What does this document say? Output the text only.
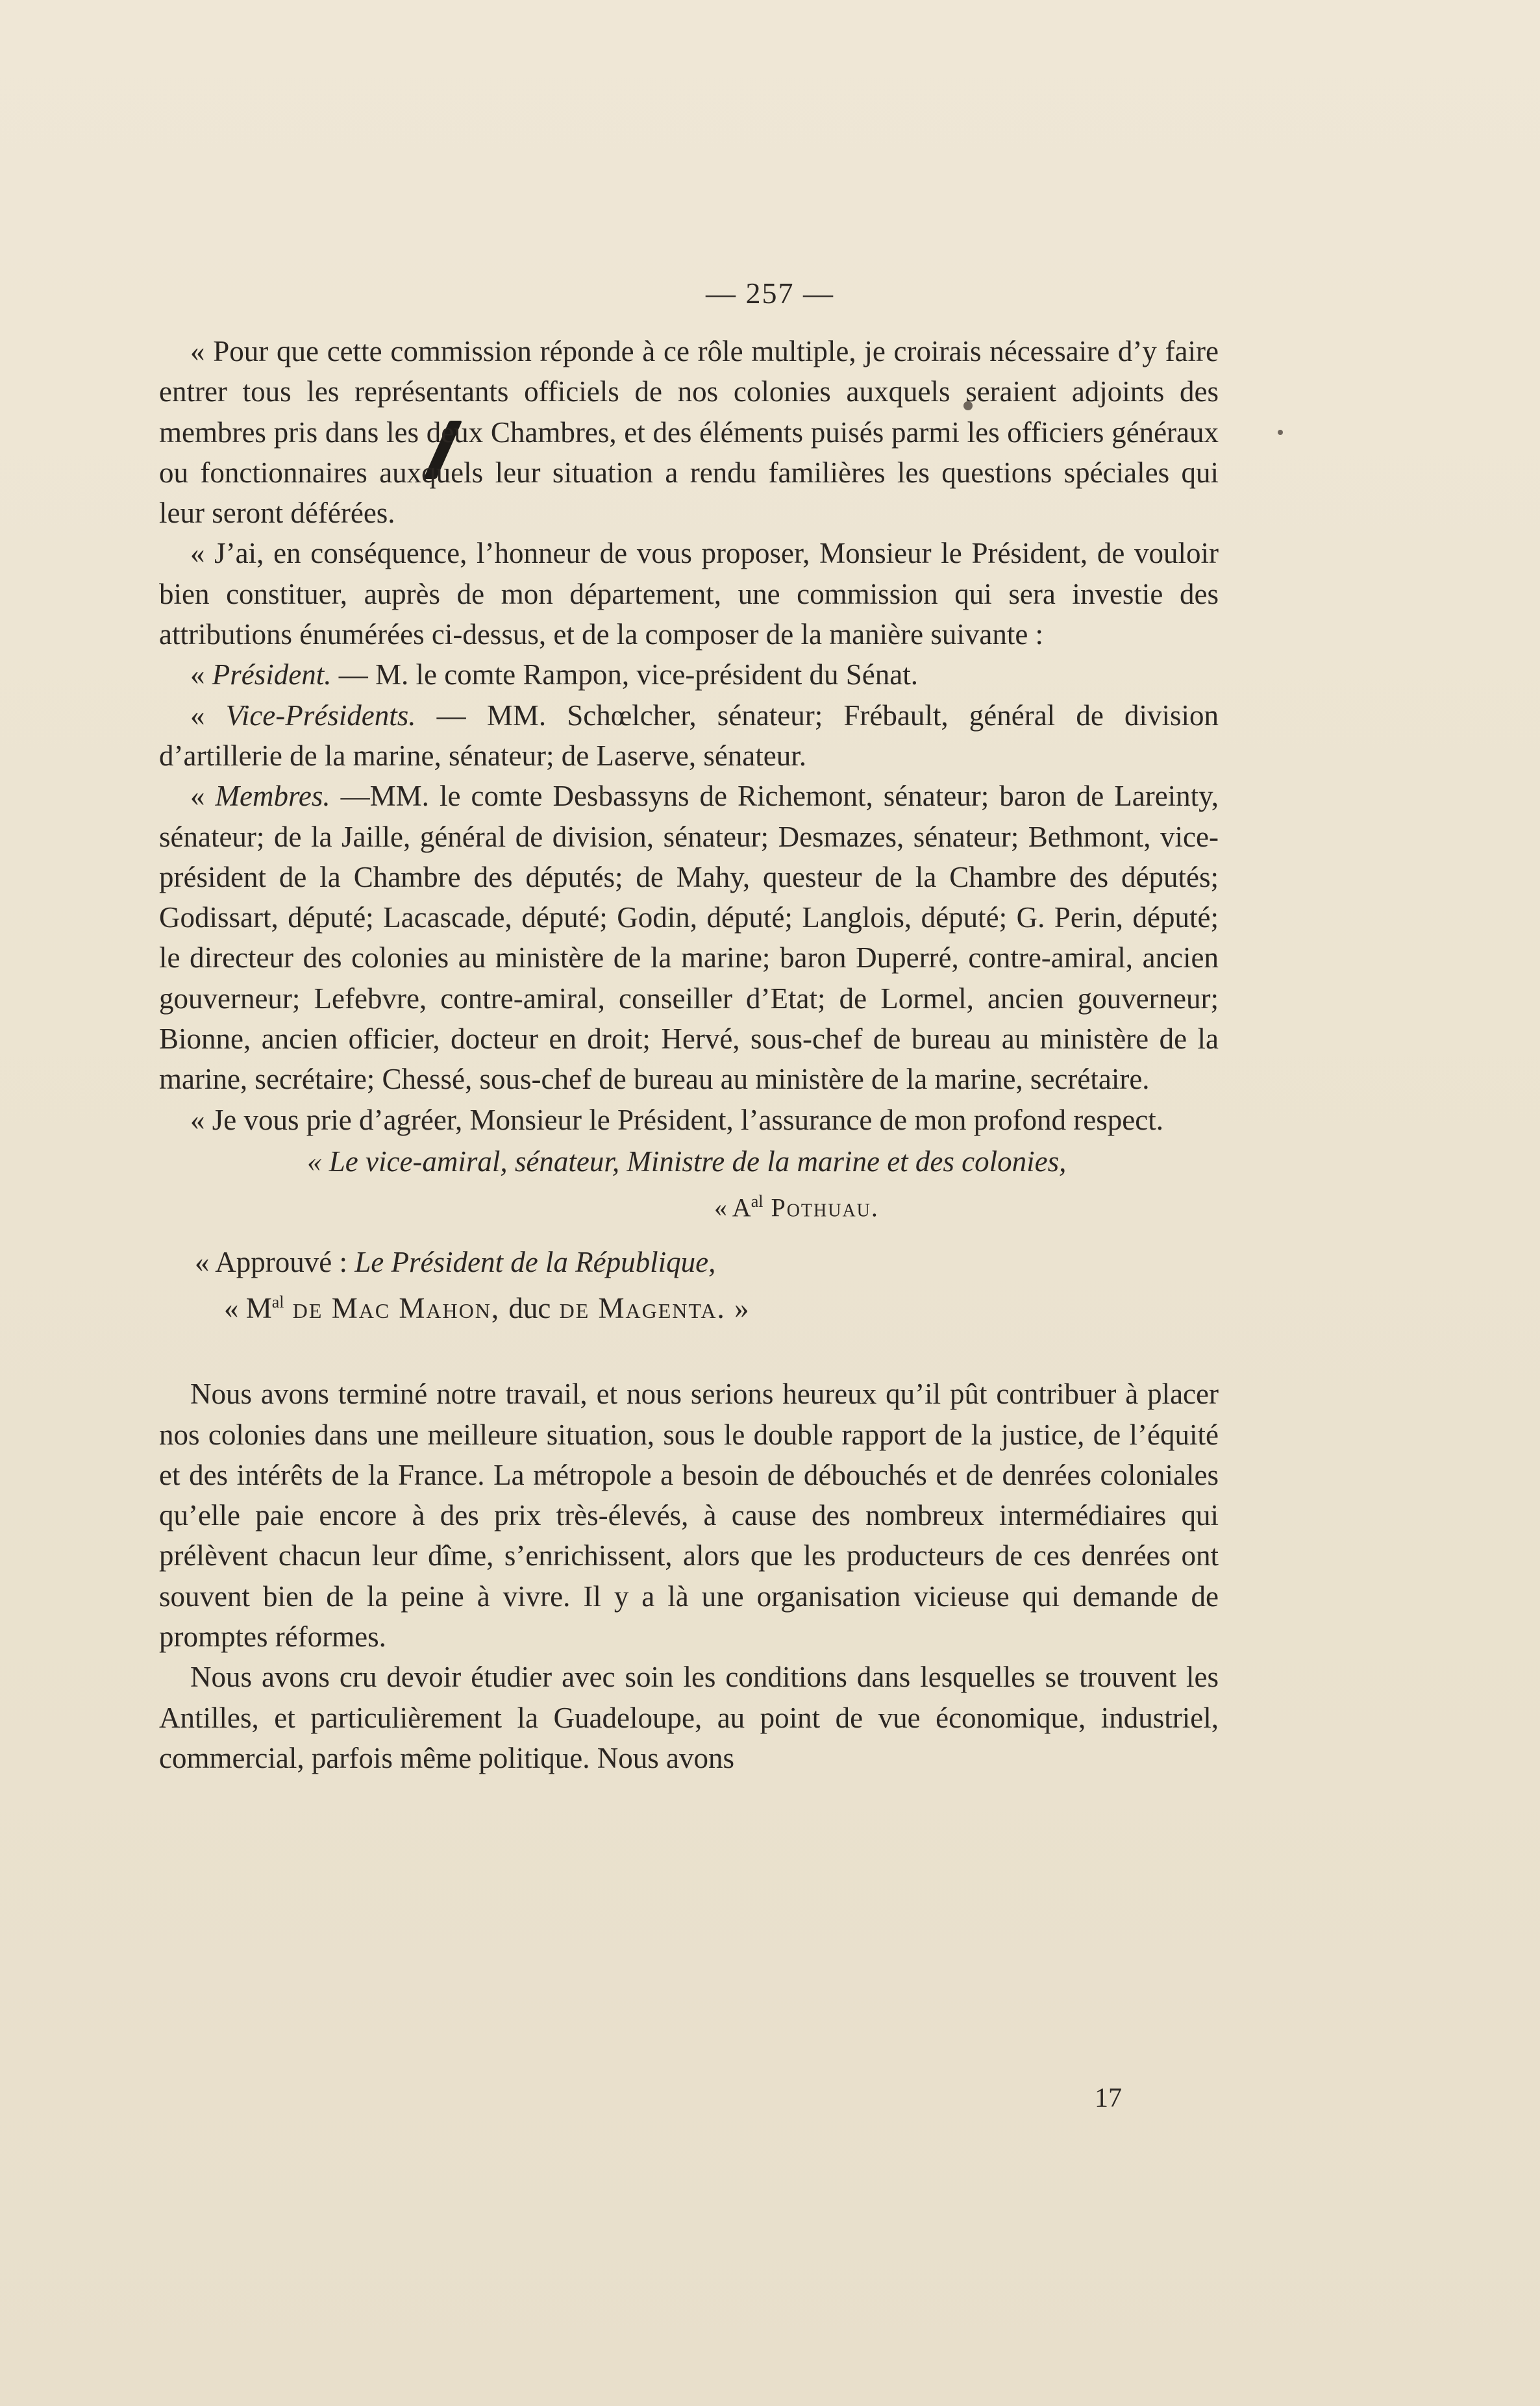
— 257 —

« Pour que cette commission réponde à ce rôle multiple, je croirais nécessaire d’y faire entrer tous les représentants officiels de nos colonies auxquels seraient adjoints des membres pris dans les deux Chambres, et des éléments puisés parmi les officiers généraux ou fonctionnaires auxquels leur situation a rendu familières les questions spéciales qui leur seront déférées.

« J’ai, en conséquence, l’honneur de vous proposer, Monsieur le Président, de vouloir bien constituer, auprès de mon département, une commission qui sera investie des attributions énumérées ci-dessus, et de la composer de la manière suivante :

« Président. — M. le comte Rampon, vice-président du Sénat.

« Vice-Présidents. — MM. Schœlcher, sénateur; Frébault, général de division d’artillerie de la marine, sénateur; de Laserve, sénateur.

« Membres. —MM. le comte Desbassyns de Richemont, sénateur; baron de Lareinty, sénateur; de la Jaille, général de division, sénateur; Desmazes, sénateur; Bethmont, vice-président de la Chambre des députés; de Mahy, questeur de la Chambre des députés; Godissart, député; Lacascade, député; Godin, député; Langlois, député; G. Perin, député; le directeur des colonies au ministère de la marine; baron Duperré, contre-amiral, ancien gouverneur; Lefebvre, contre-amiral, conseiller d’Etat; de Lormel, ancien gouverneur; Bionne, ancien officier, docteur en droit; Hervé, sous-chef de bureau au ministère de la marine, secrétaire; Chessé, sous-chef de bureau au ministère de la marine, secrétaire.

« Je vous prie d’agréer, Monsieur le Président, l’assurance de mon profond respect.

« Le vice-amiral, sénateur, Ministre de la marine et des colonies,
« $A^{al}$ Pothuau.
« Approuvé : Le Président de la République,
« $M^{al}$ de Mac Mahon, duc de Magenta. »

Nous avons terminé notre travail, et nous serions heureux qu’il pût contribuer à placer nos colonies dans une meilleure situation, sous le double rapport de la justice, de l’équité et des intérêts de la France. La métropole a besoin de débouchés et de denrées coloniales qu’elle paie encore à des prix très-élevés, à cause des nombreux intermédiaires qui prélèvent chacun leur dîme, s’enrichissent, alors que les producteurs de ces denrées ont souvent bien de la peine à vivre. Il y a là une organisation vicieuse qui demande de promptes réformes.

Nous avons cru devoir étudier avec soin les conditions dans lesquelles se trouvent les Antilles, et particulièrement la Guadeloupe, au point de vue économique, industriel, commercial, parfois même politique. Nous avons

17
